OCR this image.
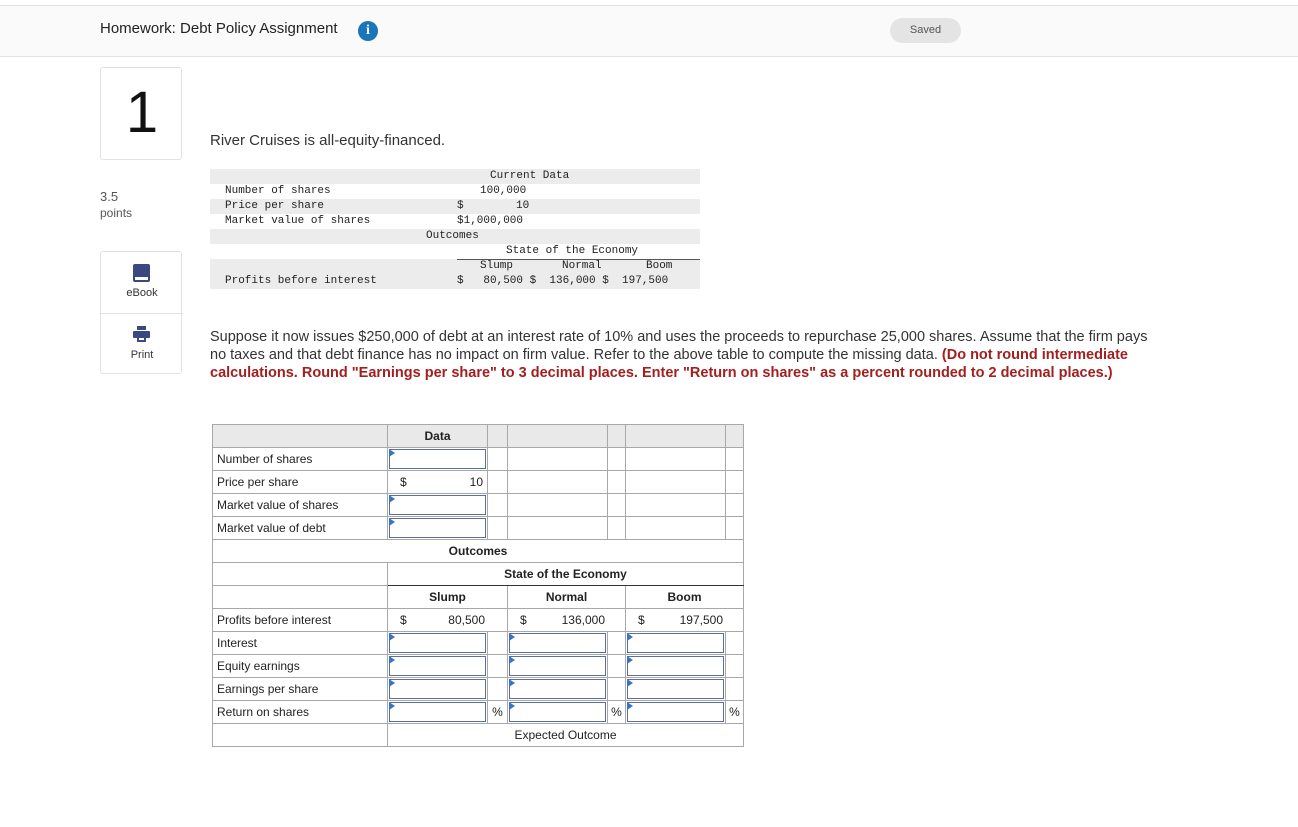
Homework: Debt Policy Assignment	i	Saved
1
3.5
points
eBook
Print
River Cruises is all-equity-financed.
Current Data
Number of shares	100,000
Price per share	$	10
Market value of shares	$1,000,000
Outcomes
State of the Economy
Slump	Normal	Boom
Profits before interest	$   80,500 $  136,000 $  197,500
Suppose it now issues $250,000 of debt at an interest rate of 10% and uses the proceeds to repurchase 25,000 shares. Assume that the firm pays no taxes and that debt finance has no impact on firm value. Refer to the above table to compute the missing data. (Do not round intermediate calculations. Round "Earnings per share" to 3 decimal places. Enter "Return on shares" as a percent rounded to 2 decimal places.)
	Data					
Number of shares	

Price per share	$ 10					

Market value of shares	

Market value of debt	

Outcomes						
	State of the Economy					
	Slump		Normal		Boom	
Profits before interest	$ 80,500		$ 136,000		$ 197,500	

Interest	

Equity earnings	

Earnings per share	

Return on shares		%		%		%
	Expected Outcome					
